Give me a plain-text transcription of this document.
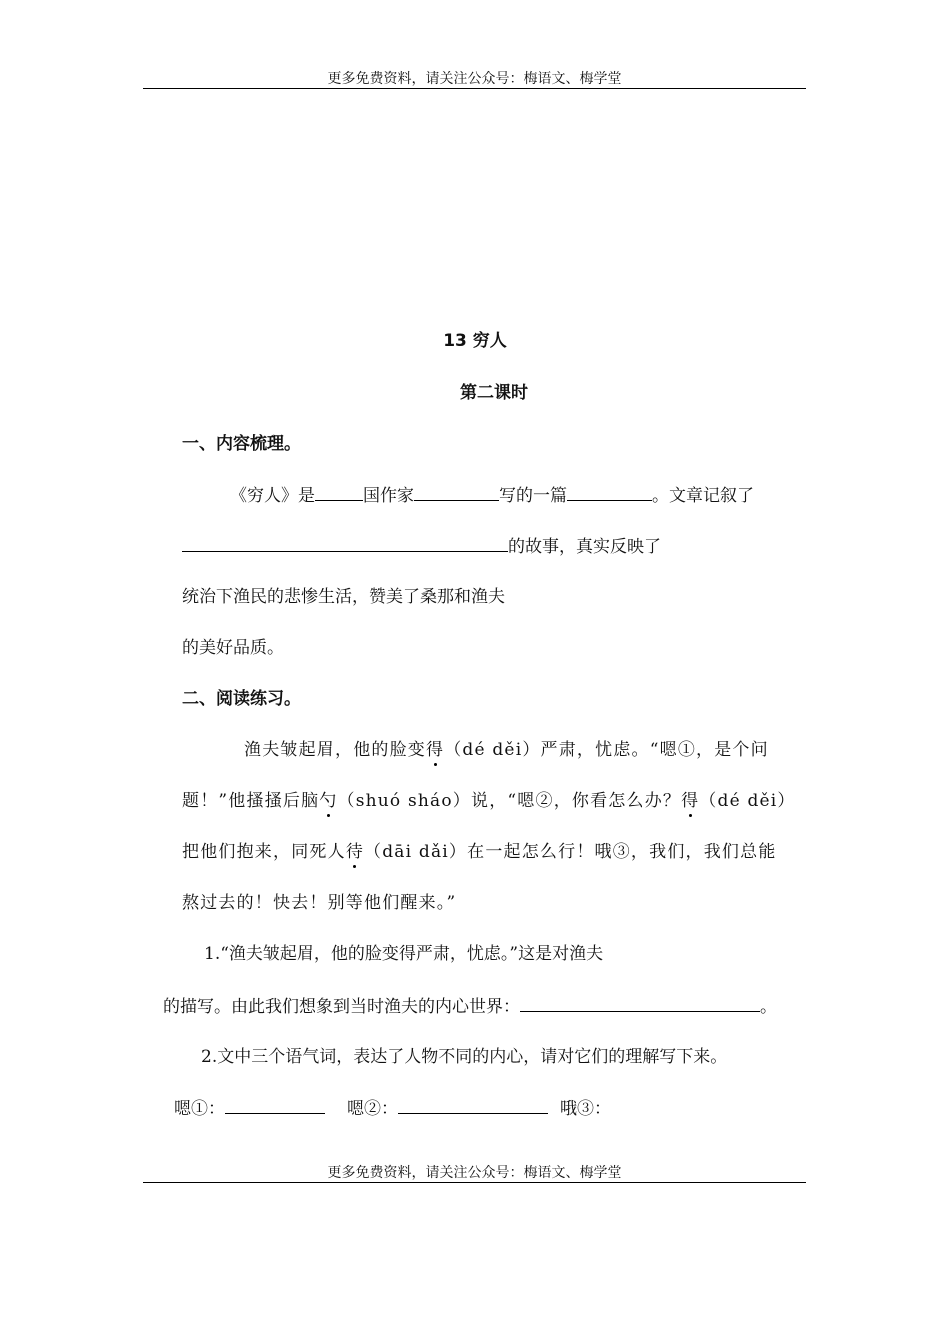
更多免费资料，请关注公众号：梅语文、梅学堂
13 穷人
第二课时
一、内容梳理。
《穷人》是	国作家	写的一篇	。文章记叙了
的故事，真实反映了
统治下渔民的悲惨生活，赞美了桑那和渔夫
的美好品质。
二、阅读练习。
渔夫皱起眉，他的脸变得（dé děi）严肃，忧虑。“嗯①，是个问
题！”他搔搔后脑勺（shuó sháo）说，“嗯②，你看怎么办？得（dé děi）
把他们抱来，同死人待（dāi dǎi）在一起怎么行！哦③，我们，我们总能
熬过去的！快去！别等他们醒来。”
1.“渔夫皱起眉，他的脸变得严肃，忧虑。”这是对渔夫
的描写。由此我们想象到当时渔夫的内心世界：	。
2.文中三个语气词，表达了人物不同的内心，请对它们的理解写下来。
嗯①：	嗯②：	哦③：
更多免费资料，请关注公众号：梅语文、梅学堂
